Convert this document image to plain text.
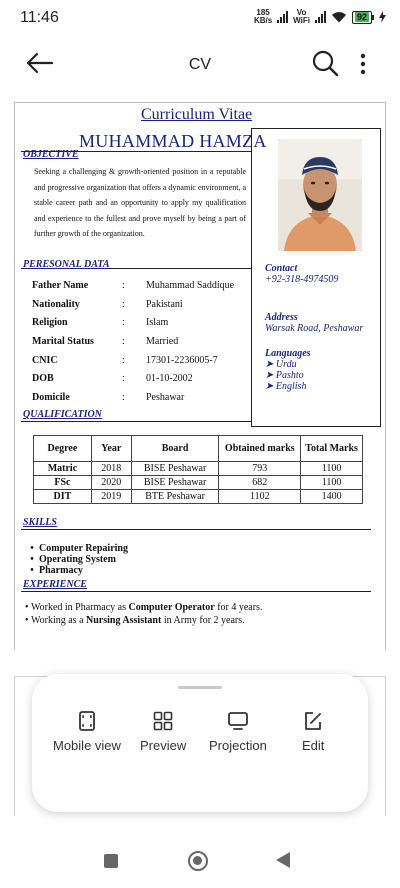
11:46	185
KB/s
Vo
WiFi	92
CV
Curriculum Vitae
MUHAMMAD HAMZA
OBJECTIVE
Seeking a challenging & growth-oriented position in a reputable and progressive organization that offers a dynamic environment, a stable career path and an opportunity to apply my qualification and experience to the fullest and prove myself by being a part of further growth of the organization.
PERESONAL DATA
Father Name	: Muhammad Saddique
Nationality	: Pakistani
Religion	: Islam
Marital Status	: Married
CNIC	: 17301-2236005-7
DOB	: 01-10-2002
Domicile	: Peshawar
Contact
+92-318-4974509
Address
Warsak Road, Peshawar
Languages
➤ Urdu
➤ Pashto
➤ English
QUALIFICATION
Degree	Year	Board	Obtained marks	Total Marks
Matric	2018	BISE Peshawar	793	1100
FSc	2020	BISE Peshawar	682	1100
DIT	2019	BTE Peshawar	1102	1400
SKILLS
• Computer Repairing
• Operating System
• Pharmacy
EXPERIENCE
• Worked in Pharmacy as Computer Operator for 4 years.
• Working as a Nursing Assistant in Army for 2 years.
Mobile view Preview Projection	Edit
